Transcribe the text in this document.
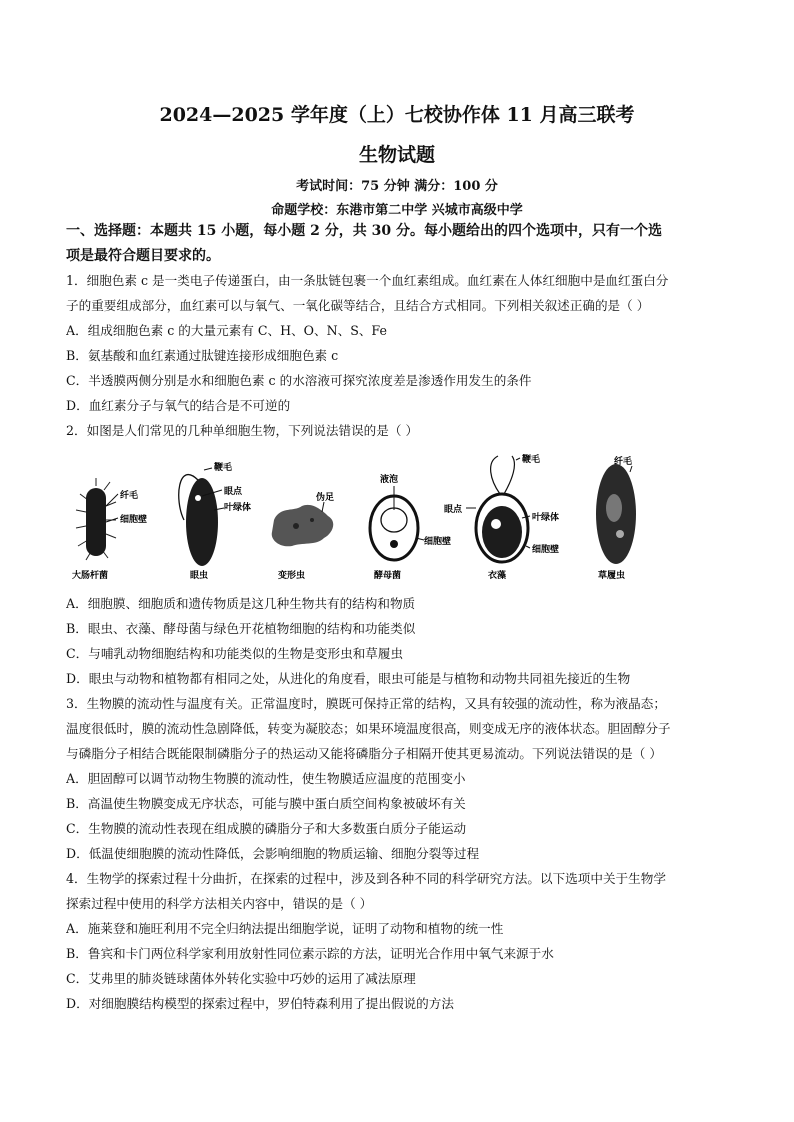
2024—2025 学年度（上）七校协作体 11 月高三联考
生物试题
考试时间：75 分钟 满分：100 分
命题学校：东港市第二中学 兴城市高级中学
一、选择题：本题共 15 小题，每小题 2 分，共 30 分。每小题给出的四个选项中，只有一个选
项是最符合题目要求的。
1．细胞色素 c 是一类电子传递蛋白，由一条肽链包裹一个血红素组成。血红素在人体红细胞中是血红蛋白分
子的重要组成部分，血红素可以与氧气、一氧化碳等结合，且结合方式相同。下列相关叙述正确的是（ ）
A．组成细胞色素 c 的大量元素有 C、H、O、N、S、Fe
B．氨基酸和血红素通过肽键连接形成细胞色素 c
C．半透膜两侧分别是水和细胞色素 c 的水溶液可探究浓度差是渗透作用发生的条件
D．血红素分子与氧气的结合是不可逆的
2．如图是人们常见的几种单细胞生物，下列说法错误的是（ ）
纤毛
细胞壁
大肠杆菌
鞭毛
眼点
叶绿体
眼虫
伪足
变形虫
液泡
细胞壁
酵母菌
鞭毛
眼点
叶绿体
细胞壁
衣藻
纤毛
草履虫
A．细胞膜、细胞质和遗传物质是这几种生物共有的结构和物质
B．眼虫、衣藻、酵母菌与绿色开花植物细胞的结构和功能类似
C．与哺乳动物细胞结构和功能类似的生物是变形虫和草履虫
D．眼虫与动物和植物都有相同之处，从进化的角度看，眼虫可能是与植物和动物共同祖先接近的生物
3．生物膜的流动性与温度有关。正常温度时，膜既可保持正常的结构，又具有较强的流动性，称为液晶态；
温度很低时，膜的流动性急剧降低，转变为凝胶态；如果环境温度很高，则变成无序的液体状态。胆固醇分子
与磷脂分子相结合既能限制磷脂分子的热运动又能将磷脂分子相隔开使其更易流动。下列说法错误的是（ ）
A．胆固醇可以调节动物生物膜的流动性，使生物膜适应温度的范围变小
B．高温使生物膜变成无序状态，可能与膜中蛋白质空间构象被破坏有关
C．生物膜的流动性表现在组成膜的磷脂分子和大多数蛋白质分子能运动
D．低温使细胞膜的流动性降低，会影响细胞的物质运输、细胞分裂等过程
4．生物学的探索过程十分曲折，在探索的过程中，涉及到各种不同的科学研究方法。以下选项中关于生物学
探索过程中使用的科学方法相关内容中，错误的是（ ）
A．施莱登和施旺利用不完全归纳法提出细胞学说，证明了动物和植物的统一性
B．鲁宾和卡门两位科学家利用放射性同位素示踪的方法，证明光合作用中氧气来源于水
C．艾弗里的肺炎链球菌体外转化实验中巧妙的运用了减法原理
D．对细胞膜结构模型的探索过程中，罗伯特森利用了提出假说的方法
